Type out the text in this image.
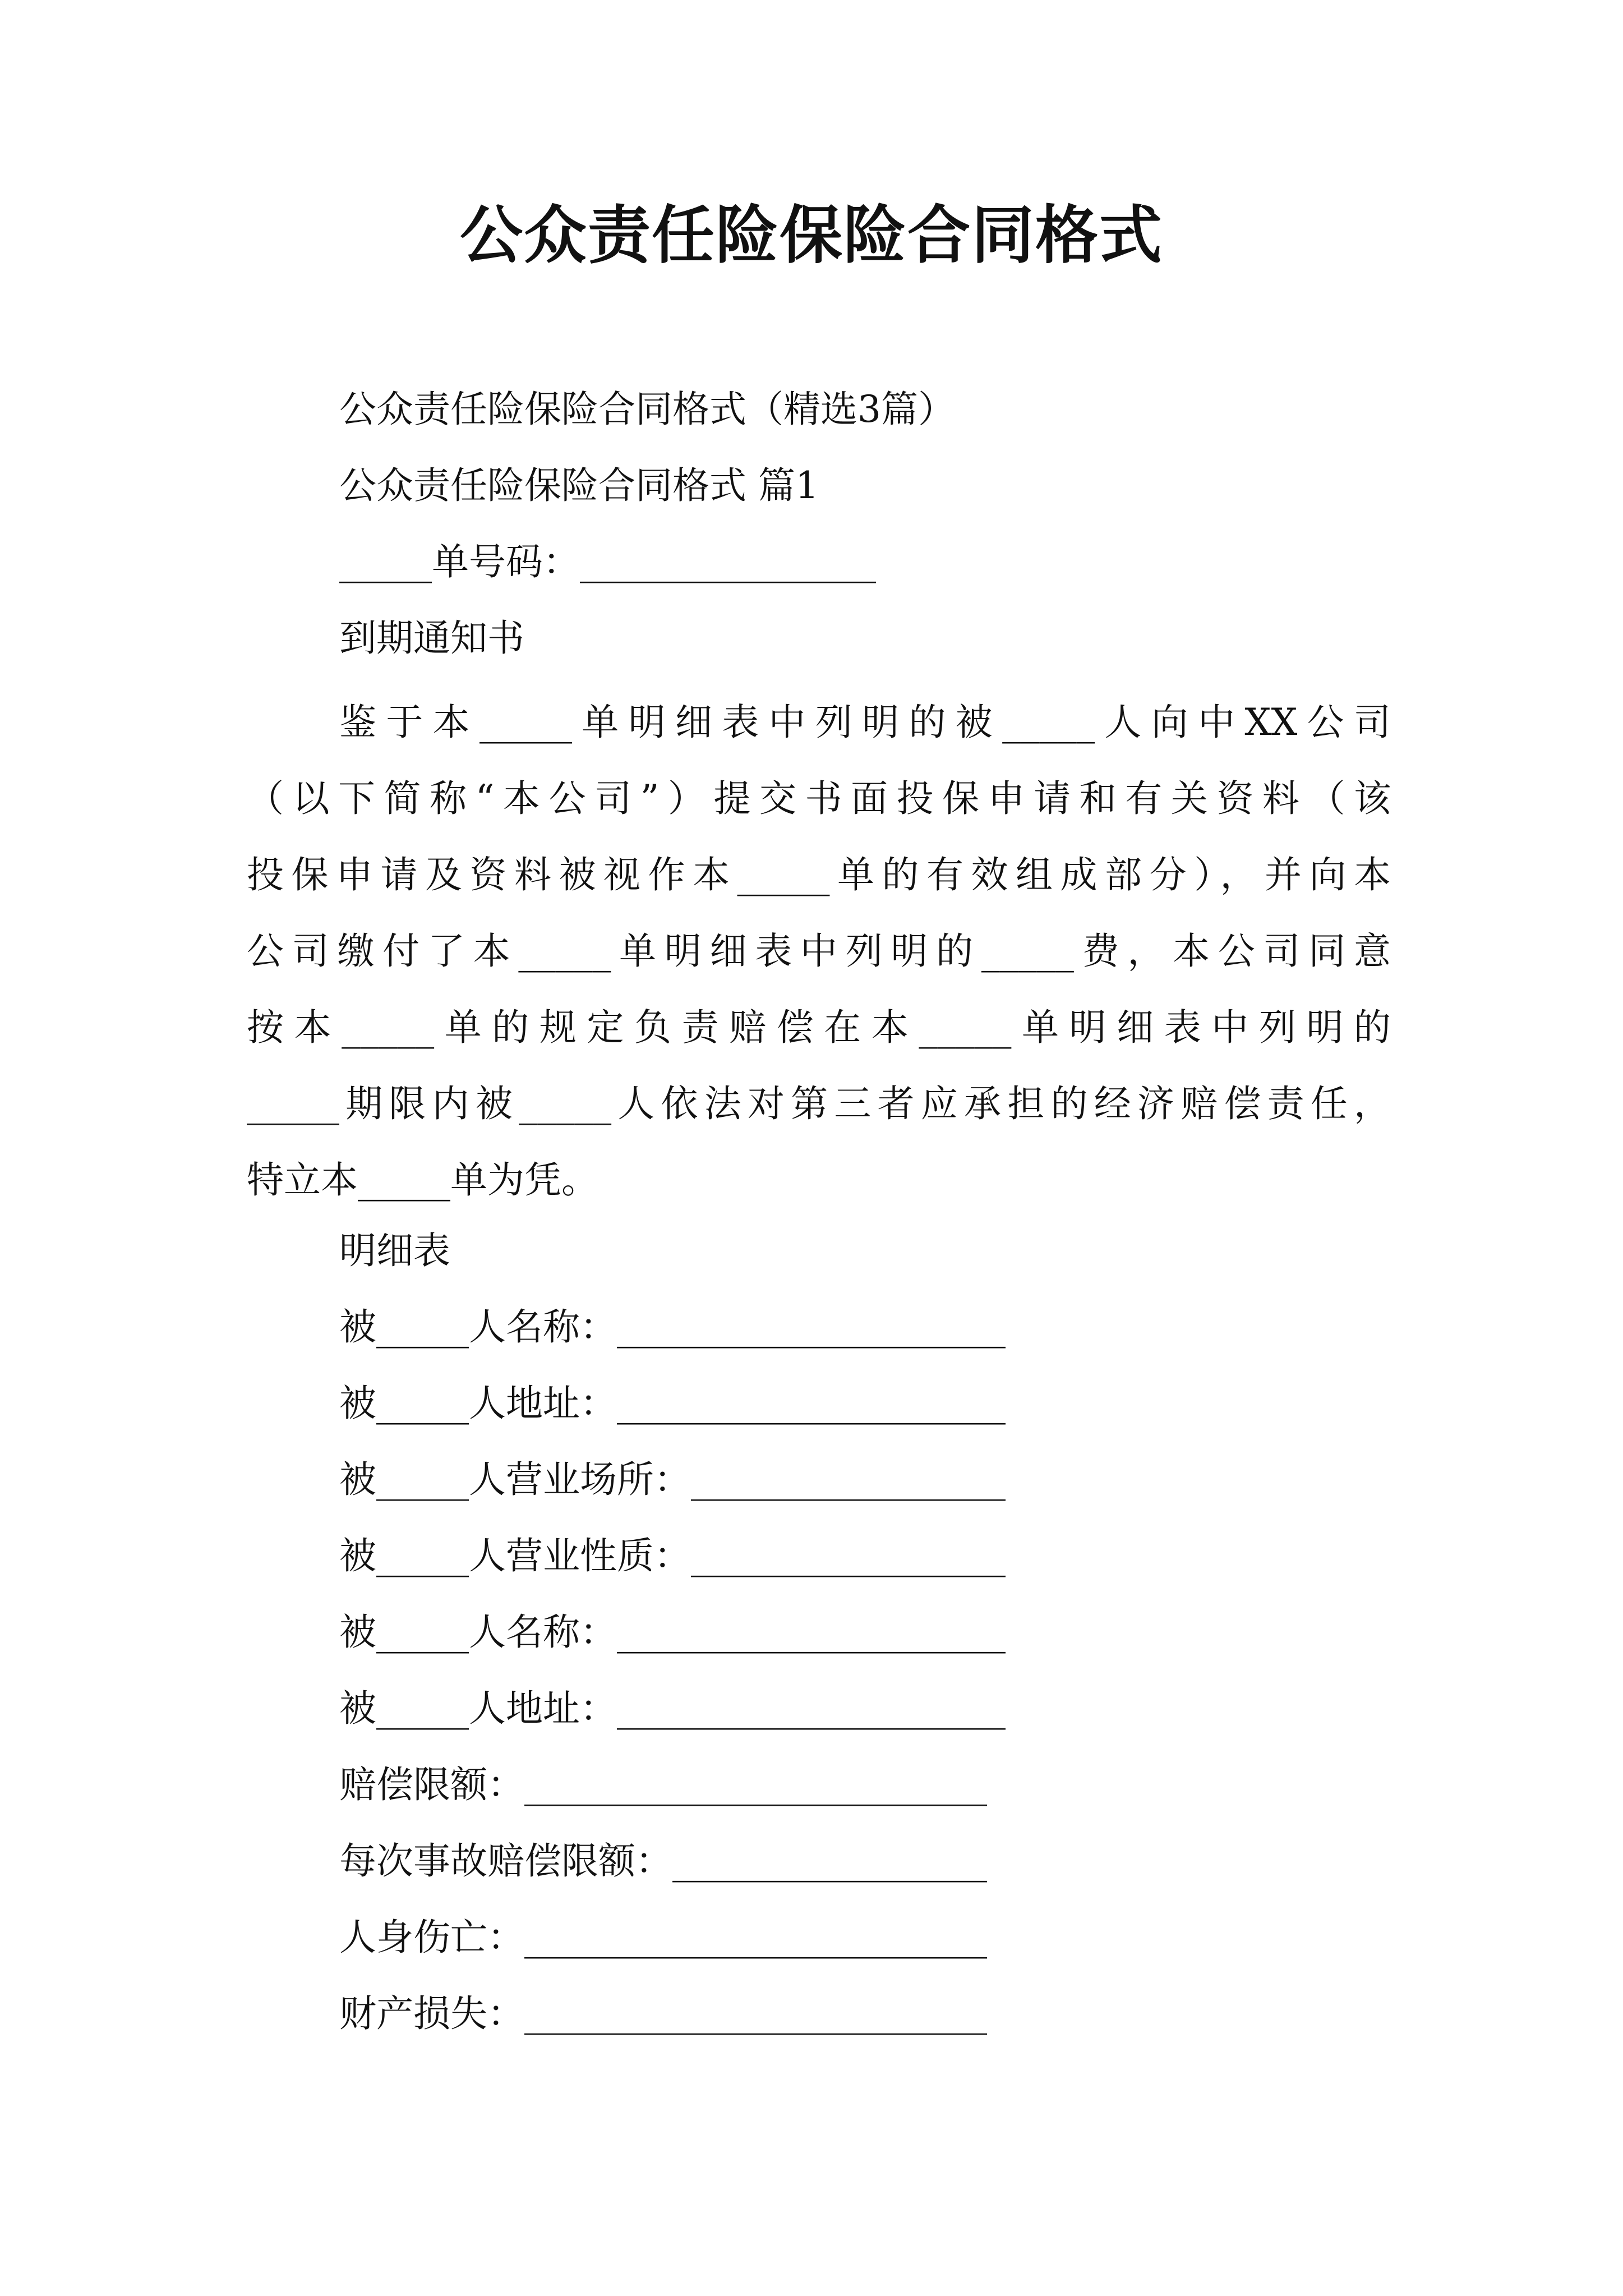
公众责任险保险合同格式
公众责任险保险合同格式（精选3篇）
公众责任险保险合同格式 篇1
_____单号码：________________
到期通知书
鉴于本_____单明细表中列明的被_____人向中XX公司
（以下简称“本公司”）提交书面投保申请和有关资料（该
投保申请及资料被视作本_____单的有效组成部分），并向本
公司缴付了本_____单明细表中列明的_____费，本公司同意
按本_____单的规定负责赔偿在本_____单明细表中列明的
_____期限内被_____人依法对第三者应承担的经济赔偿责任，
特立本_____单为凭。
明细表
被_____人名称：_____________________
被_____人地址：_____________________
被_____人营业场所：_________________
被_____人营业性质：_________________
被_____人名称：_____________________
被_____人地址：_____________________
赔偿限额：_________________________
每次事故赔偿限额：_________________
人身伤亡：_________________________
财产损失：_________________________
